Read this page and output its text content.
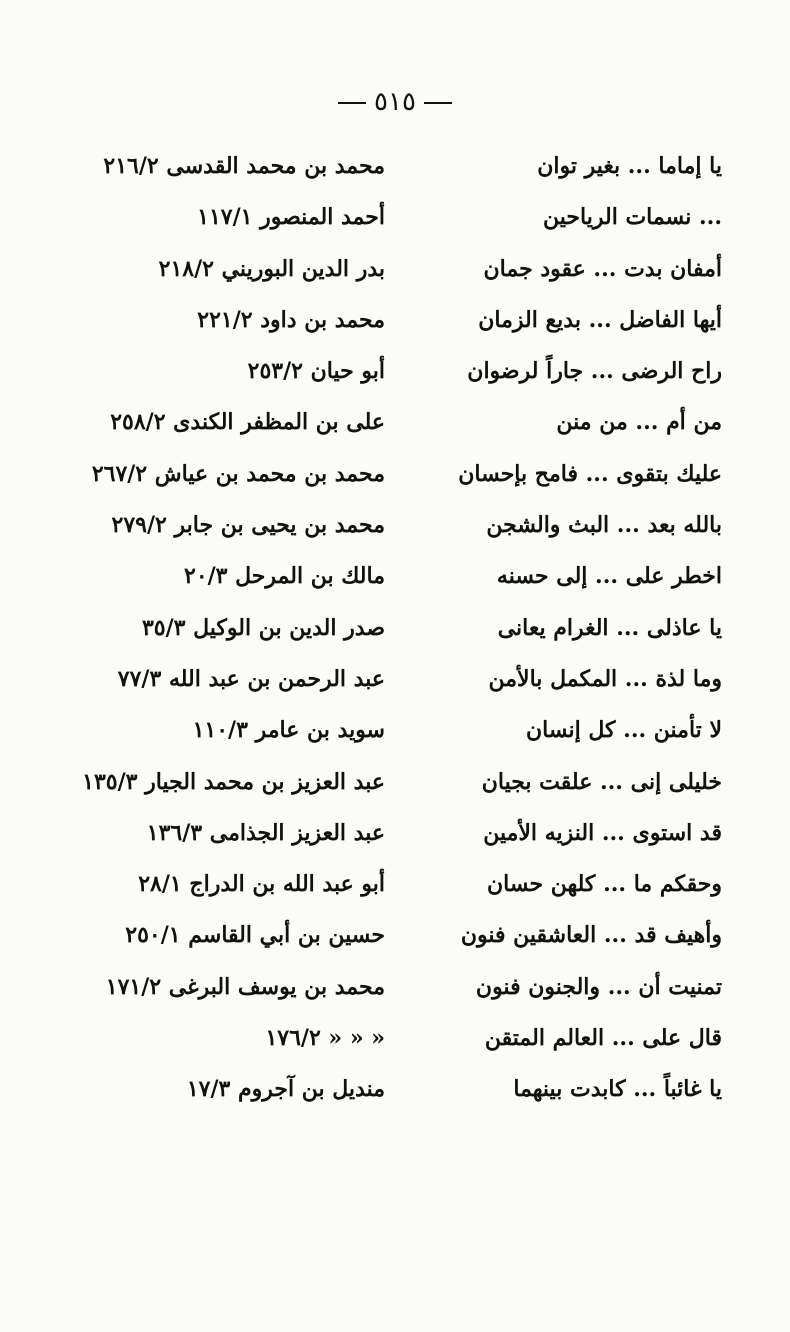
٥١٥
يا إماما ... بغير توان
محمد بن محمد القدسى ٢١٦/٢
... نسمات الرياحين
أحمد المنصور ١١٧/١
أمفان بدت ... عقود جمان
بدر الدين البوريني ٢١٨/٢
أيها الفاضل ... بديع الزمان
محمد بن داود ٢٢١/٢
راح الرضى ... جاراً لرضوان
أبو حيان ٢٥٣/٢
من أم ... من منن
على بن المظفر الكندى ٢٥٨/٢
عليك بتقوى ... فامح بإحسان
محمد بن محمد بن عياش ٢٦٧/٢
بالله بعد ... البث والشجن
محمد بن يحيى بن جابر ٢٧٩/٢
اخطر على ... إلى حسنه
مالك بن المرحل ٢٠/٣
يا عاذلى ... الغرام يعانى
صدر الدين بن الوكيل ٣٥/٣
وما لذة ... المكمل بالأمن
عبد الرحمن بن عبد الله ٧٧/٣
لا تأمنن ... كل إنسان
سويد بن عامر ١١٠/٣
خليلى إنى ... علقت بجيان
عبد العزيز بن محمد الجيار ١٣٥/٣
قد استوى ... النزيه الأمين
عبد العزيز الجذامى ١٣٦/٣
وحقكم ما ... كلهن حسان
أبو عبد الله بن الدراج ٢٨/١
وأهيف قد ... العاشقين فنون
حسين بن أبي القاسم ٢٥٠/١
تمنيت أن ... والجنون فنون
محمد بن يوسف البرغى ١٧١/٢
قال على ... العالم المتقن
« « « ١٧٦/٢
يا غائباً ... كابدت بينهما
منديل بن آجروم ١٧/٣
